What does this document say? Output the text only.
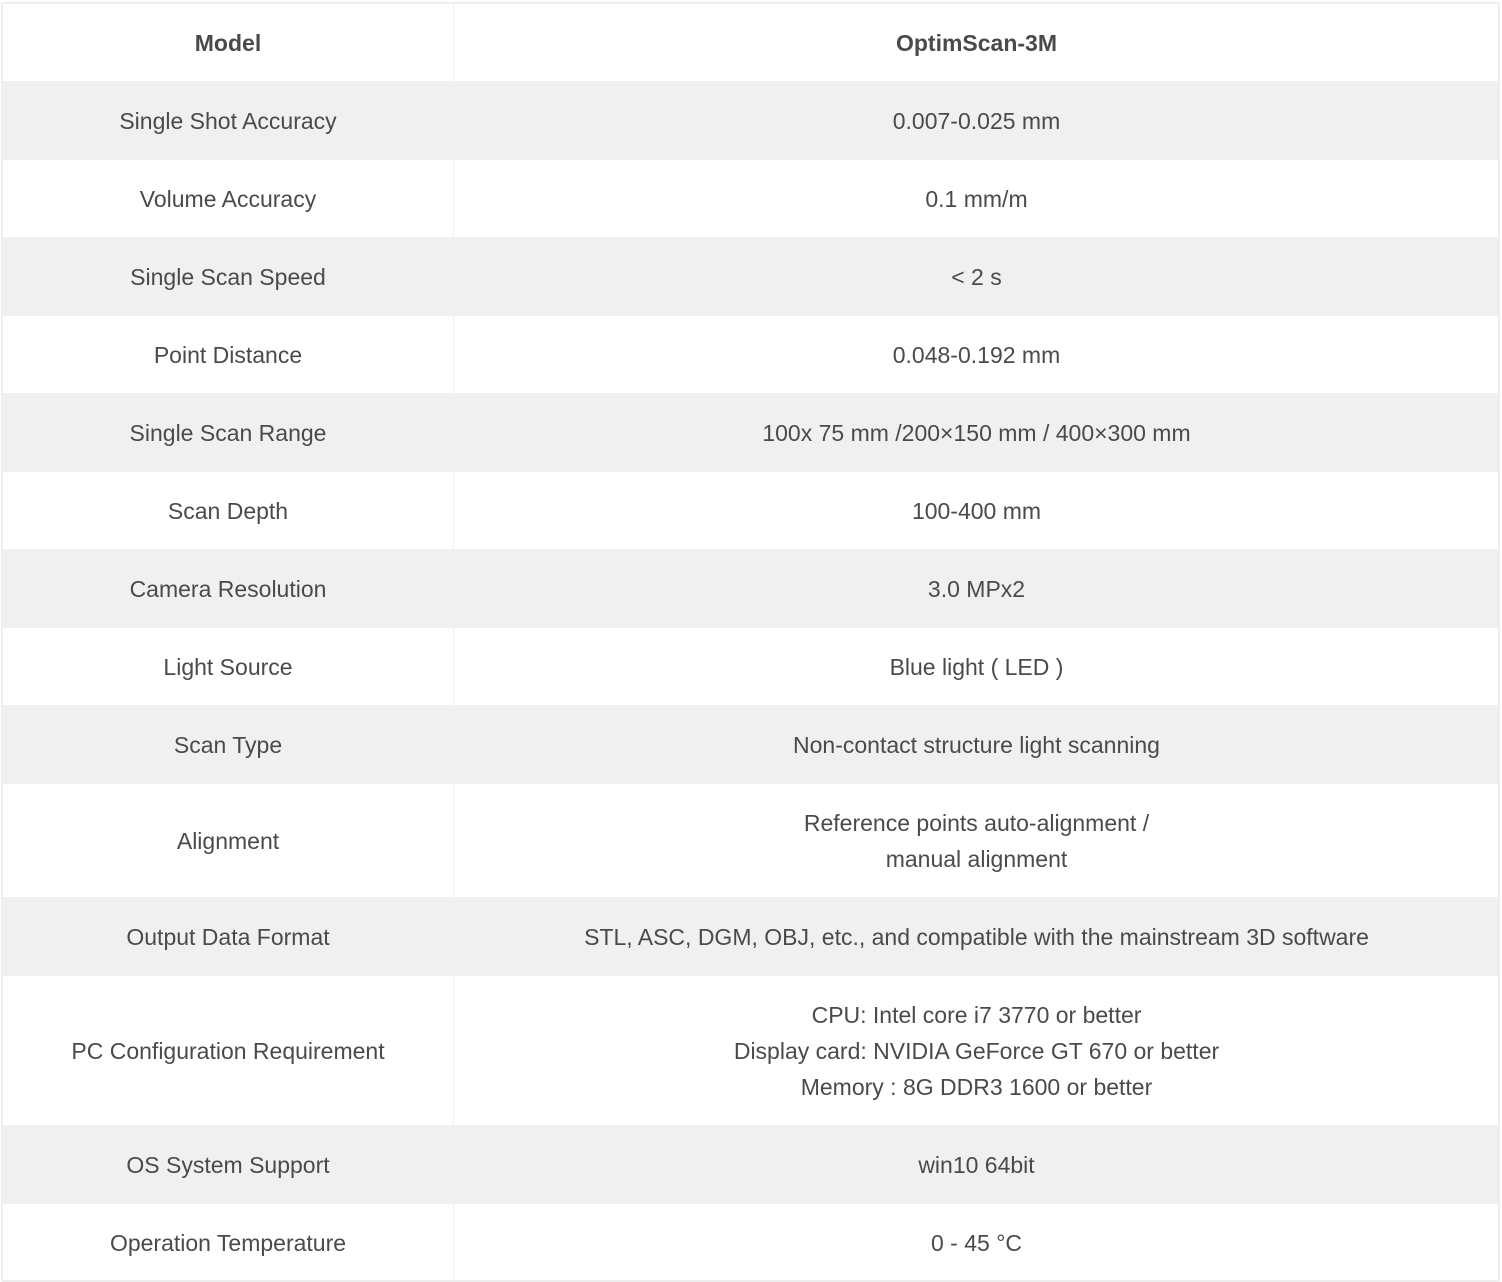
Model	OptimScan-3M
Single Shot Accuracy	0.007-0.025 mm

Volume Accuracy	0.1 mm/m

Single Scan Speed	< 2 s

Point Distance	0.048-0.192 mm

Single Scan Range	100x 75 mm /200×150 mm / 400×300 mm

Scan Depth	100-400 mm

Camera Resolution	3.0 MPx2

Light Source	Blue light ( LED )

Scan Type	Non-contact structure light scanning

Alignment	Reference points auto-alignment /
manual alignment

Output Data Format	STL, ASC, DGM, OBJ, etc., and compatible with the mainstream 3D software

PC Configuration Requirement	CPU: Intel core i7 3770 or better
Display card: NVIDIA GeForce GT 670 or better
Memory : 8G DDR3 1600 or better

OS System Support	win10 64bit

Operation Temperature	0 - 45 °C
